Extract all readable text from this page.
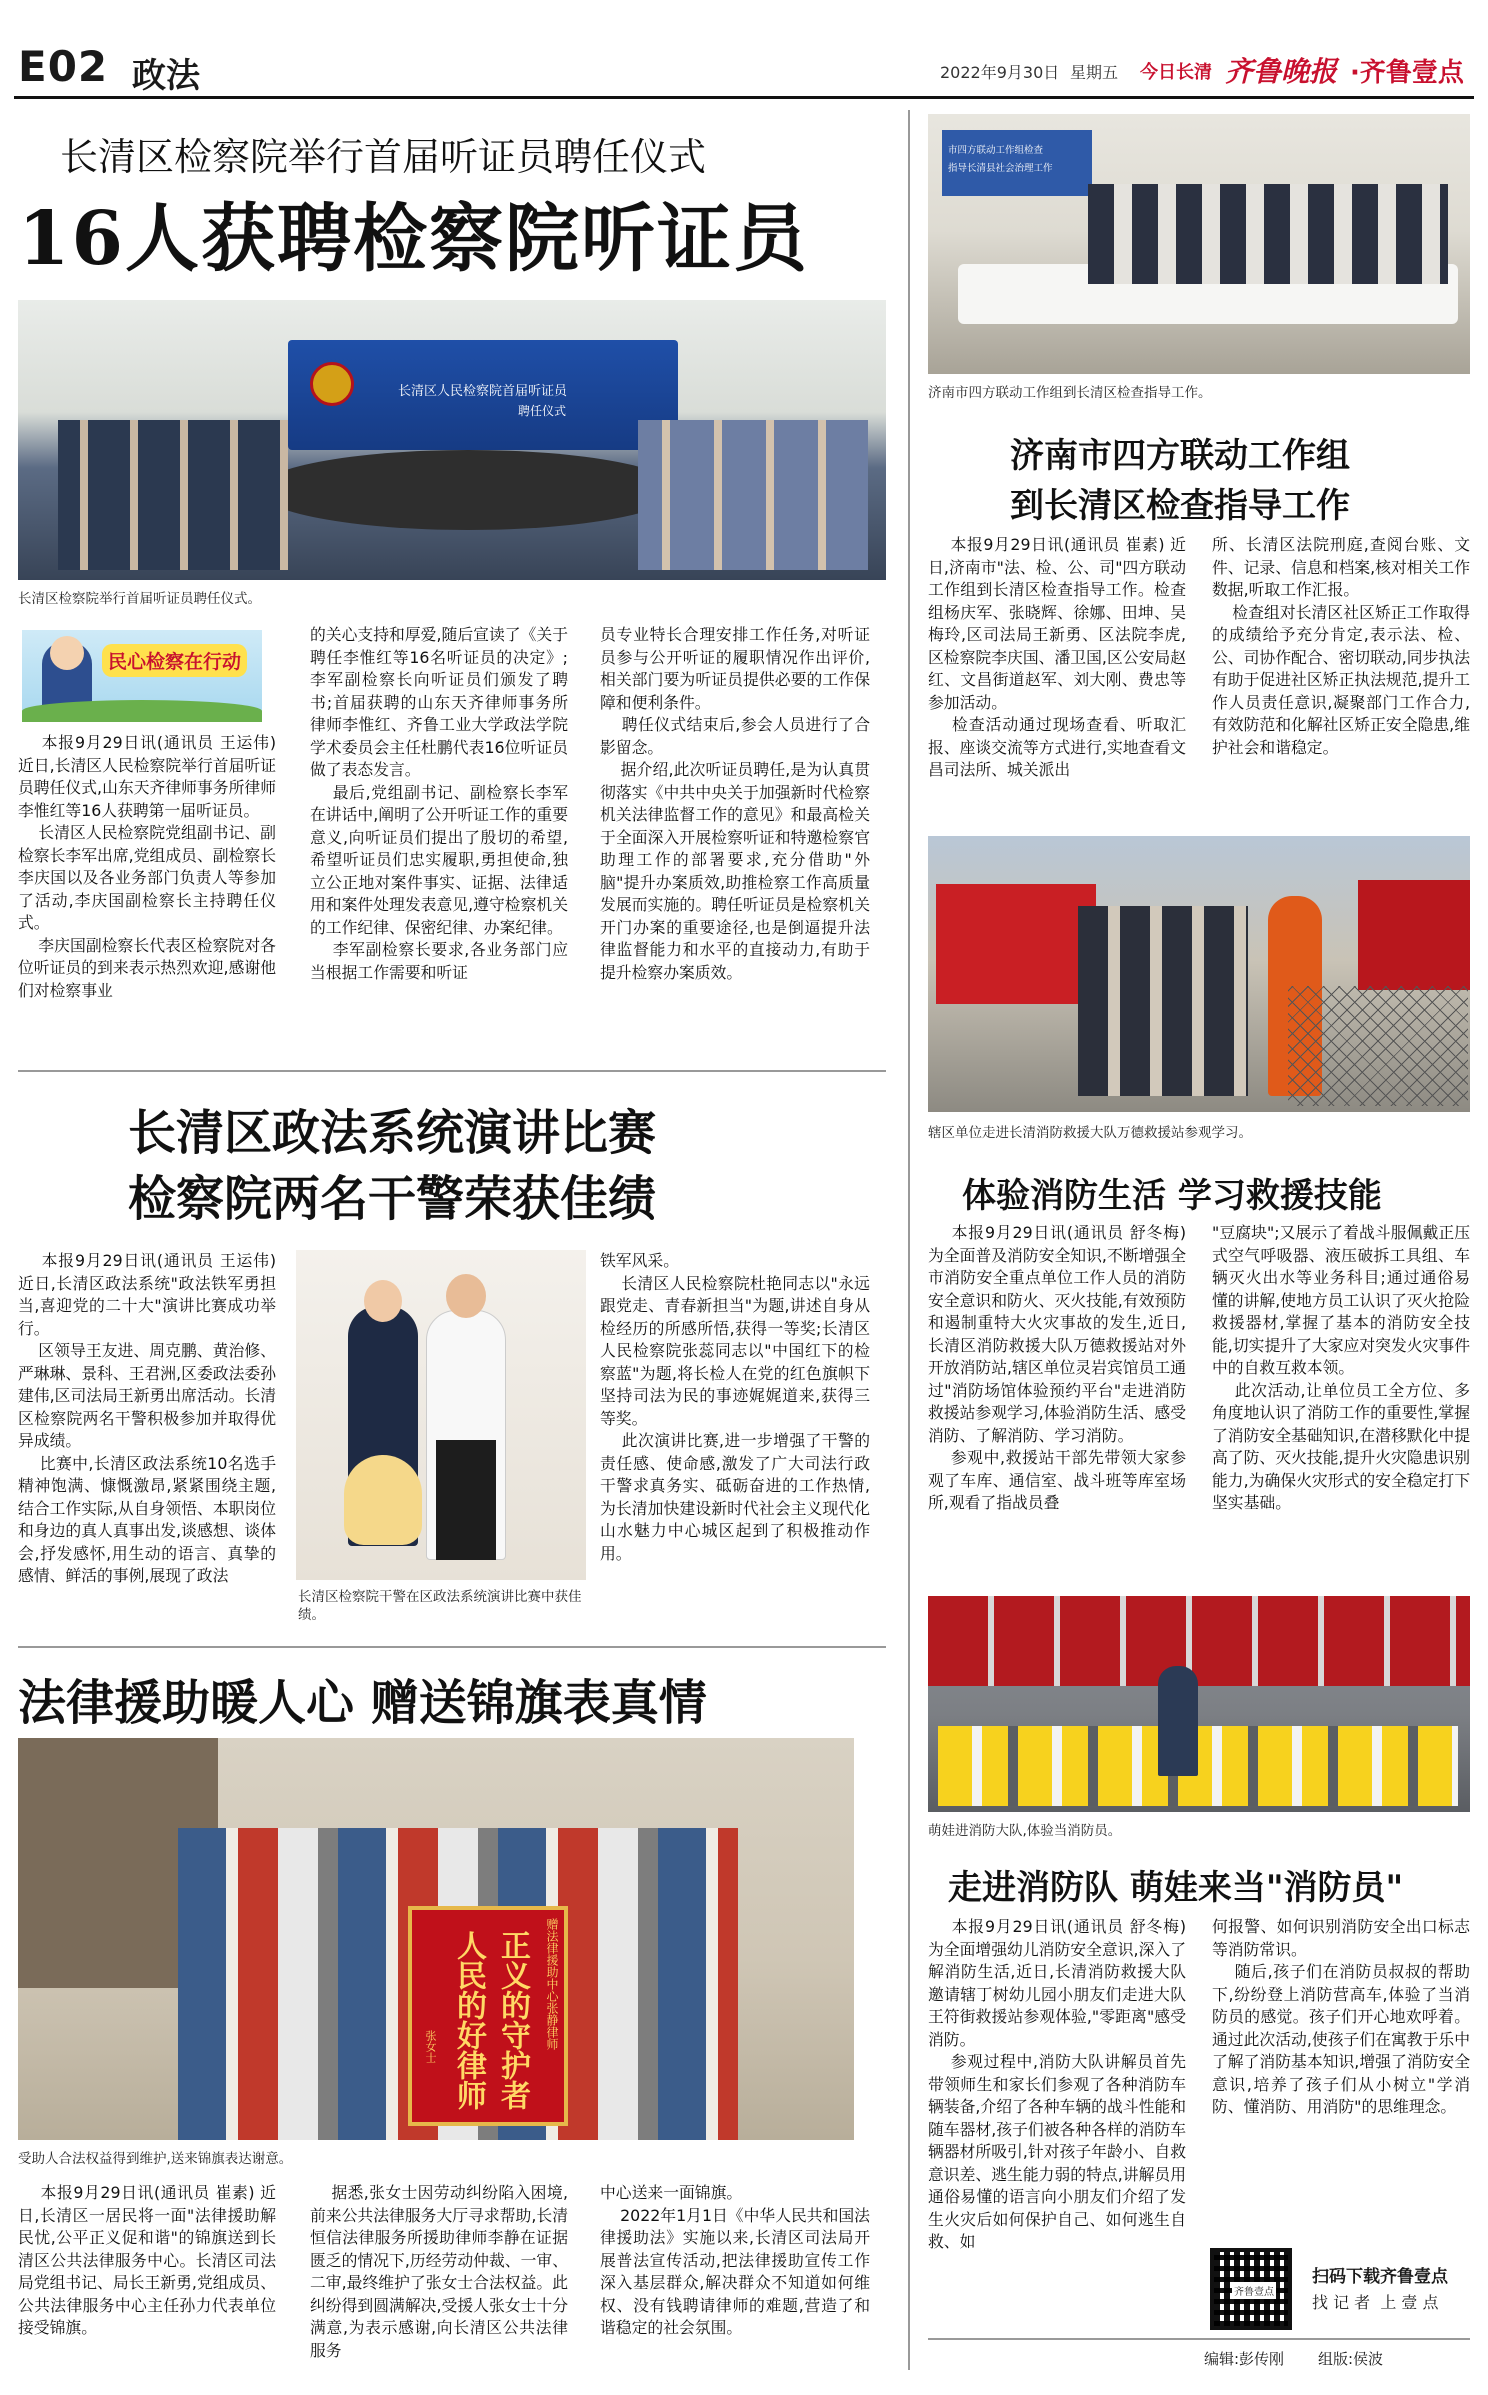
E02 政法	2022年9月30日 星期五 今日长清 齐鲁晚报 ·齐鲁壹点
长清区检察院举行首届听证员聘任仪式
16人获聘检察院听证员
长清区人民检察院首届听证员
聘任仪式
长清区检察院举行首届听证员聘任仪式。
民心检察在行动
本报9月29日讯(通讯员 王运伟) 近日,长清区人民检察院举行首届听证员聘任仪式,山东天齐律师事务所律师李惟红等16人获聘第一届听证员。
长清区人民检察院党组副书记、副检察长李军出席,党组成员、副检察长李庆国以及各业务部门负责人等参加了活动,李庆国副检察长主持聘任仪式。
李庆国副检察长代表区检察院对各位听证员的到来表示热烈欢迎,感谢他们对检察事业
的关心支持和厚爱,随后宣读了《关于聘任李惟红等16名听证员的决定》;李军副检察长向听证员们颁发了聘书;首届获聘的山东天齐律师事务所律师李惟红、齐鲁工业大学政法学院学术委员会主任杜鹏代表16位听证员做了表态发言。
最后,党组副书记、副检察长李军在讲话中,阐明了公开听证工作的重要意义,向听证员们提出了殷切的希望,希望听证员们忠实履职,勇担使命,独立公正地对案件事实、证据、法律适用和案件处理发表意见,遵守检察机关的工作纪律、保密纪律、办案纪律。
李军副检察长要求,各业务部门应当根据工作需要和听证
员专业特长合理安排工作任务,对听证员参与公开听证的履职情况作出评价,相关部门要为听证员提供必要的工作保障和便利条件。
聘任仪式结束后,参会人员进行了合影留念。
据介绍,此次听证员聘任,是为认真贯彻落实《中共中央关于加强新时代检察机关法律监督工作的意见》和最高检关于全面深入开展检察听证和特邀检察官助理工作的部署要求,充分借助"外脑"提升办案质效,助推检察工作高质量发展而实施的。聘任听证员是检察机关开门办案的重要途径,也是倒逼提升法律监督能力和水平的直接动力,有助于提升检察办案质效。
长清区政法系统演讲比赛
检察院两名干警荣获佳绩
本报9月29日讯(通讯员 王运伟) 近日,长清区政法系统"政法铁军勇担当,喜迎党的二十大"演讲比赛成功举行。
区领导王友进、周克鹏、黄治修、严琳琳、景科、王君洲,区委政法委孙建伟,区司法局王新勇出席活动。长清区检察院两名干警积极参加并取得优异成绩。
比赛中,长清区政法系统10名选手精神饱满、慷慨激昂,紧紧围绕主题,结合工作实际,从自身领悟、本职岗位和身边的真人真事出发,谈感想、谈体会,抒发感怀,用生动的语言、真挚的感情、鲜活的事例,展现了政法
长清区检察院干警在区政法系统演讲比赛中获佳绩。
铁军风采。
长清区人民检察院杜艳同志以"永远跟党走、青春新担当"为题,讲述自身从检经历的所感所悟,获得一等奖;长清区人民检察院张蕊同志以"中国红下的检察蓝"为题,将长检人在党的红色旗帜下坚持司法为民的事迹娓娓道来,获得三等奖。
此次演讲比赛,进一步增强了干警的责任感、使命感,激发了广大司法行政干警求真务实、砥砺奋进的工作热情,为长清加快建设新时代社会主义现代化山水魅力中心城区起到了积极推动作用。
法律援助暖人心 赠送锦旗表真情
赠法律援助中心张静律师
正义的守护者
人民的好律师
张女士
受助人合法权益得到维护,送来锦旗表达谢意。
本报9月29日讯(通讯员 崔素) 近日,长清区一居民将一面"法律援助解民忧,公平正义促和谐"的锦旗送到长清区公共法律服务中心。长清区司法局党组书记、局长王新勇,党组成员、公共法律服务中心主任孙力代表单位接受锦旗。
据悉,张女士因劳动纠纷陷入困境,前来公共法律服务大厅寻求帮助,长清恒信法律服务所援助律师李静在证据匮乏的情况下,历经劳动仲裁、一审、二审,最终维护了张女士合法权益。此纠纷得到圆满解决,受援人张女士十分满意,为表示感谢,向长清区公共法律服务
中心送来一面锦旗。
2022年1月1日《中华人民共和国法律援助法》实施以来,长清区司法局开展普法宣传活动,把法律援助宣传工作深入基层群众,解决群众不知道如何维权、没有钱聘请律师的难题,营造了和谐稳定的社会氛围。
市四方联动工作组检查
指导长清县社会治理工作
济南市四方联动工作组到长清区检查指导工作。
济南市四方联动工作组
到长清区检查指导工作
本报9月29日讯(通讯员 崔素) 近日,济南市"法、检、公、司"四方联动工作组到长清区检查指导工作。检查组杨庆军、张晓辉、徐娜、田坤、吴梅玲,区司法局王新勇、区法院李虎,区检察院李庆国、潘卫国,区公安局赵红、文昌街道赵军、刘大刚、费忠等参加活动。
检查活动通过现场查看、听取汇报、座谈交流等方式进行,实地查看文昌司法所、城关派出
所、长清区法院刑庭,查阅台账、文件、记录、信息和档案,核对相关工作数据,听取工作汇报。
检查组对长清区社区矫正工作取得的成绩给予充分肯定,表示法、检、公、司协作配合、密切联动,同步执法有助于促进社区矫正执法规范,提升工作人员责任意识,凝聚部门工作合力,有效防范和化解社区矫正安全隐患,维护社会和谐稳定。
辖区单位走进长清消防救援大队万德救援站参观学习。
体验消防生活 学习救援技能
本报9月29日讯(通讯员 舒冬梅) 为全面普及消防安全知识,不断增强全市消防安全重点单位工作人员的消防安全意识和防火、灭火技能,有效预防和遏制重特大火灾事故的发生,近日,长清区消防救援大队万德救援站对外开放消防站,辖区单位灵岩宾馆员工通过"消防场馆体验预约平台"走进消防救援站参观学习,体验消防生活、感受消防、了解消防、学习消防。
参观中,救援站干部先带领大家参观了车库、通信室、战斗班等库室场所,观看了指战员叠
"豆腐块";又展示了着战斗服佩戴正压式空气呼吸器、液压破拆工具组、车辆灭火出水等业务科目;通过通俗易懂的讲解,使地方员工认识了灭火抢险救援器材,掌握了基本的消防安全技能,切实提升了大家应对突发火灾事件中的自救互救本领。
此次活动,让单位员工全方位、多角度地认识了消防工作的重要性,掌握了消防安全基础知识,在潜移默化中提高了防、灭火技能,提升火灾隐患识别能力,为确保火灾形式的安全稳定打下坚实基础。
萌娃进消防大队,体验当消防员。
走进消防队 萌娃来当"消防员"
本报9月29日讯(通讯员 舒冬梅) 为全面增强幼儿消防安全意识,深入了解消防生活,近日,长清消防救援大队邀请辖丁树幼儿园小朋友们走进大队王符街救援站参观体验,"零距离"感受消防。
参观过程中,消防大队讲解员首先带领师生和家长们参观了各种消防车辆装备,介绍了各种车辆的战斗性能和随车器材,孩子们被各种各样的消防车辆器材所吸引,针对孩子年龄小、自救意识差、逃生能力弱的特点,讲解员用通俗易懂的语言向小朋友们介绍了发生火灾后如何保护自己、如何逃生自救、如
何报警、如何识别消防安全出口标志等消防常识。
随后,孩子们在消防员叔叔的帮助下,纷纷登上消防营高车,体验了当消防员的感觉。孩子们开心地欢呼着。通过此次活动,使孩子们在寓教于乐中了解了消防基本知识,增强了消防安全意识,培养了孩子们从小树立"学消防、懂消防、用消防"的思维理念。
齐鲁壹点
扫码下载齐鲁壹点
找 记 者  上 壹 点
编辑:彭传刚 组版:侯波
